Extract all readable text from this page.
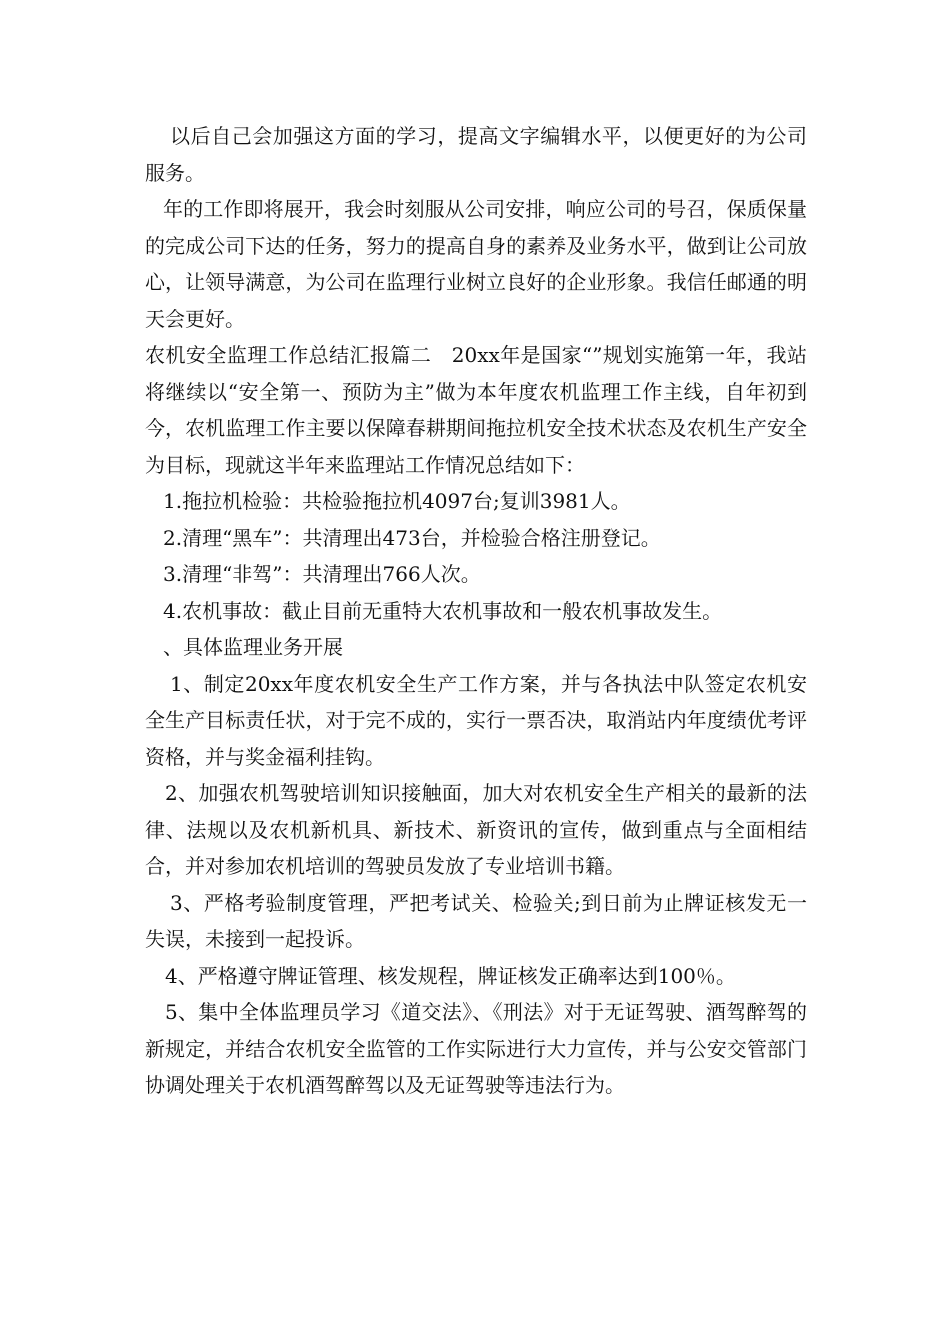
以后自己会加强这方面的学习，提高文字编辑水平，以便更好的为公司服务。

年的工作即将展开，我会时刻服从公司安排，响应公司的号召，保质保量的完成公司下达的任务，努力的提高自身的素养及业务水平，做到让公司放心，让领导满意，为公司在监理行业树立良好的企业形象。我信任邮通的明天会更好。

农机安全监理工作总结汇报篇二　20xx年是国家“”规划实施第一年，我站将继续以“安全第一、预防为主”做为本年度农机监理工作主线，自年初到今，农机监理工作主要以保障春耕期间拖拉机安全技术状态及农机生产安全为目标，现就这半年来监理站工作情况总结如下：

1.拖拉机检验：共检验拖拉机4097台;复训3981人。

2.清理“黑车”：共清理出473台，并检验合格注册登记。

3.清理“非驾”：共清理出766人次。

4.农机事故：截止目前无重特大农机事故和一般农机事故发生。

、具体监理业务开展

1、制定20xx年度农机安全生产工作方案，并与各执法中队签定农机安全生产目标责任状，对于完不成的，实行一票否决，取消站内年度绩优考评资格，并与奖金福利挂钩。

2、加强农机驾驶培训知识接触面，加大对农机安全生产相关的最新的法律、法规以及农机新机具、新技术、新资讯的宣传，做到重点与全面相结合，并对参加农机培训的驾驶员发放了专业培训书籍。

3、严格考验制度管理，严把考试关、检验关;到日前为止牌证核发无一失误，未接到一起投诉。

4、严格遵守牌证管理、核发规程，牌证核发正确率达到100％。

5、集中全体监理员学习《道交法》、《刑法》对于无证驾驶、酒驾醉驾的新规定，并结合农机安全监管的工作实际进行大力宣传，并与公安交管部门协调处理关于农机酒驾醉驾以及无证驾驶等违法行为。
